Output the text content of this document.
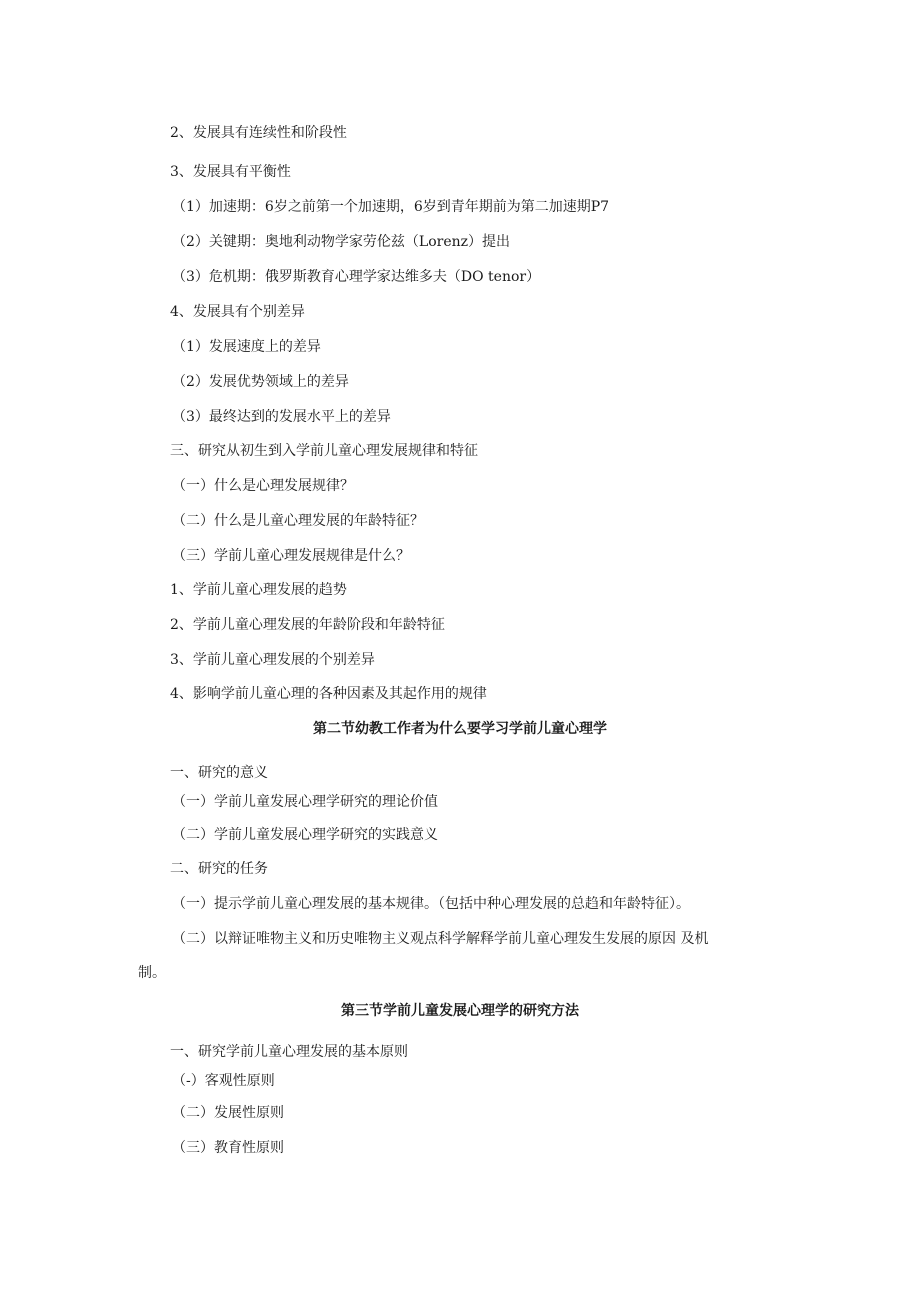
2、发展具有连续性和阶段性
3、发展具有平衡性
（1）加速期：6岁之前第一个加速期，6岁到青年期前为第二加速期P7
（2）关键期：奥地利动物学家劳伦兹（Lorenz）提出
（3）危机期：俄罗斯教育心理学家达维多夫（DO tenor）
4、发展具有个别差异
（1）发展速度上的差异
（2）发展优势领域上的差异
（3）最终达到的发展水平上的差异
三、研究从初生到入学前儿童心理发展规律和特征
（一）什么是心理发展规律？
（二）什么是儿童心理发展的年龄特征？
（三）学前儿童心理发展规律是什么？
1、学前儿童心理发展的趋势
2、学前儿童心理发展的年龄阶段和年龄特征
3、学前儿童心理发展的个别差异
4、影响学前儿童心理的各种因素及其起作用的规律
第二节幼教工作者为什么要学习学前儿童心理学
一、研究的意义
（一）学前儿童发展心理学研究的理论价值
（二）学前儿童发展心理学研究的实践意义
二、研究的任务
（一）提示学前儿童心理发展的基本规律。（包括中种心理发展的总趋和年龄特征）。
（二）以辩证唯物主义和历史唯物主义观点科学解释学前儿童心理发生发展的原因 及机
制。
第三节学前儿童发展心理学的研究方法
一、研究学前儿童心理发展的基本原则
（-）客观性原则
（二）发展性原则
（三）教育性原则
